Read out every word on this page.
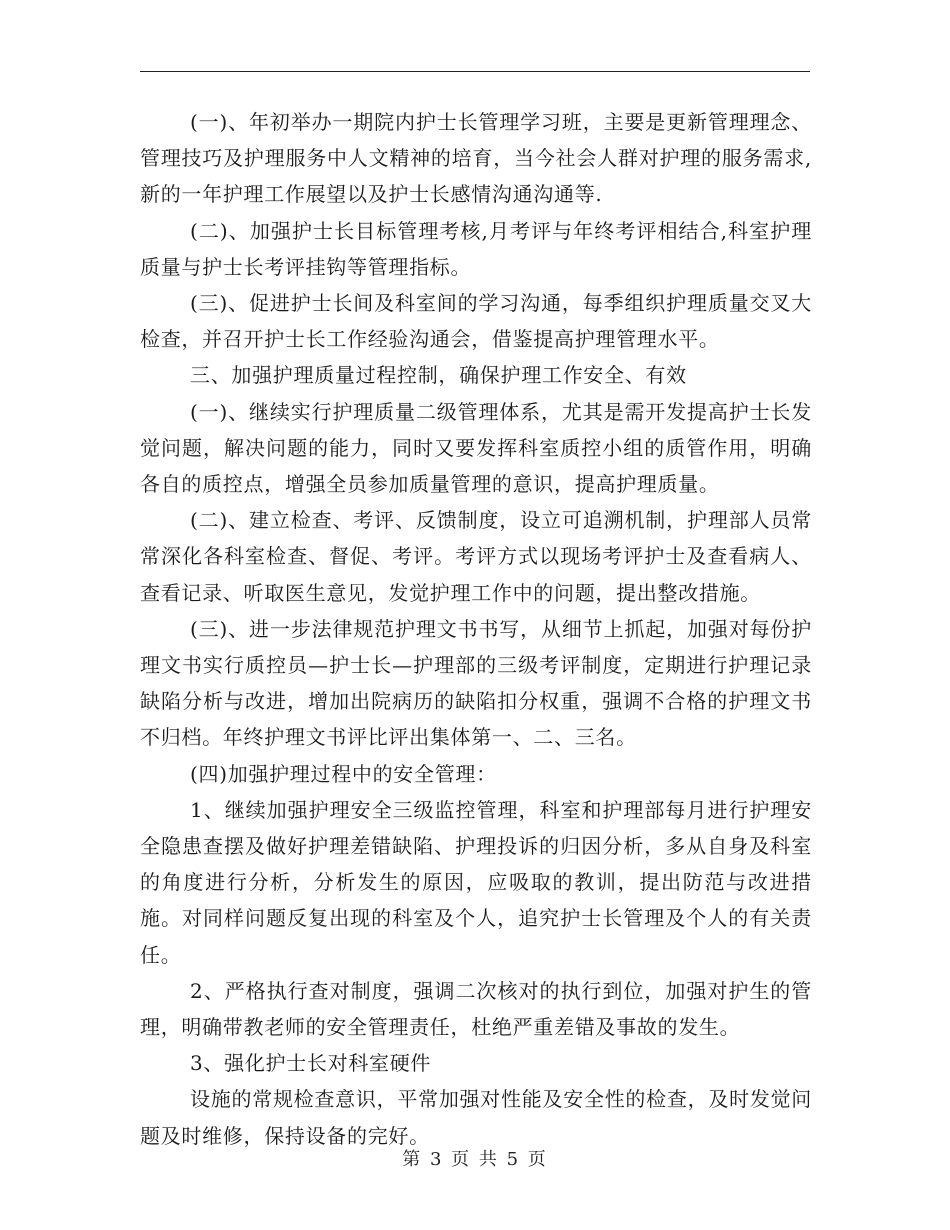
(一)、年初举办一期院内护士长管理学习班，主要是更新管理理念、管理技巧及护理服务中人文精神的培育，当今社会人群对护理的服务需求,新的一年护理工作展望以及护士长感情沟通沟通等.

(二)、加强护士长目标管理考核,月考评与年终考评相结合,科室护理质量与护士长考评挂钩等管理指标。

(三)、促进护士长间及科室间的学习沟通，每季组织护理质量交叉大检查，并召开护士长工作经验沟通会，借鉴提高护理管理水平。

三、加强护理质量过程控制，确保护理工作安全、有效

(一)、继续实行护理质量二级管理体系，尤其是需开发提高护士长发觉问题，解决问题的能力，同时又要发挥科室质控小组的质管作用，明确各自的质控点，增强全员参加质量管理的意识，提高护理质量。

(二)、建立检查、考评、反馈制度，设立可追溯机制，护理部人员常常深化各科室检查、督促、考评。考评方式以现场考评护士及查看病人、查看记录、听取医生意见，发觉护理工作中的问题，提出整改措施。

(三)、进一步法律规范护理文书书写，从细节上抓起，加强对每份护理文书实行质控员—护士长—护理部的三级考评制度，定期进行护理记录缺陷分析与改进，增加出院病历的缺陷扣分权重，强调不合格的护理文书不归档。年终护理文书评比评出集体第一、二、三名。

(四)加强护理过程中的安全管理：

1、继续加强护理安全三级监控管理，科室和护理部每月进行护理安全隐患查摆及做好护理差错缺陷、护理投诉的归因分析，多从自身及科室的角度进行分析，分析发生的原因，应吸取的教训，提出防范与改进措施。对同样问题反复出现的科室及个人，追究护士长管理及个人的有关责任。

2、严格执行查对制度，强调二次核对的执行到位，加强对护生的管理，明确带教老师的安全管理责任，杜绝严重差错及事故的发生。

3、强化护士长对科室硬件

设施的常规检查意识，平常加强对性能及安全性的检查，及时发觉问题及时维修，保持设备的完好。

第 3 页 共 5 页
